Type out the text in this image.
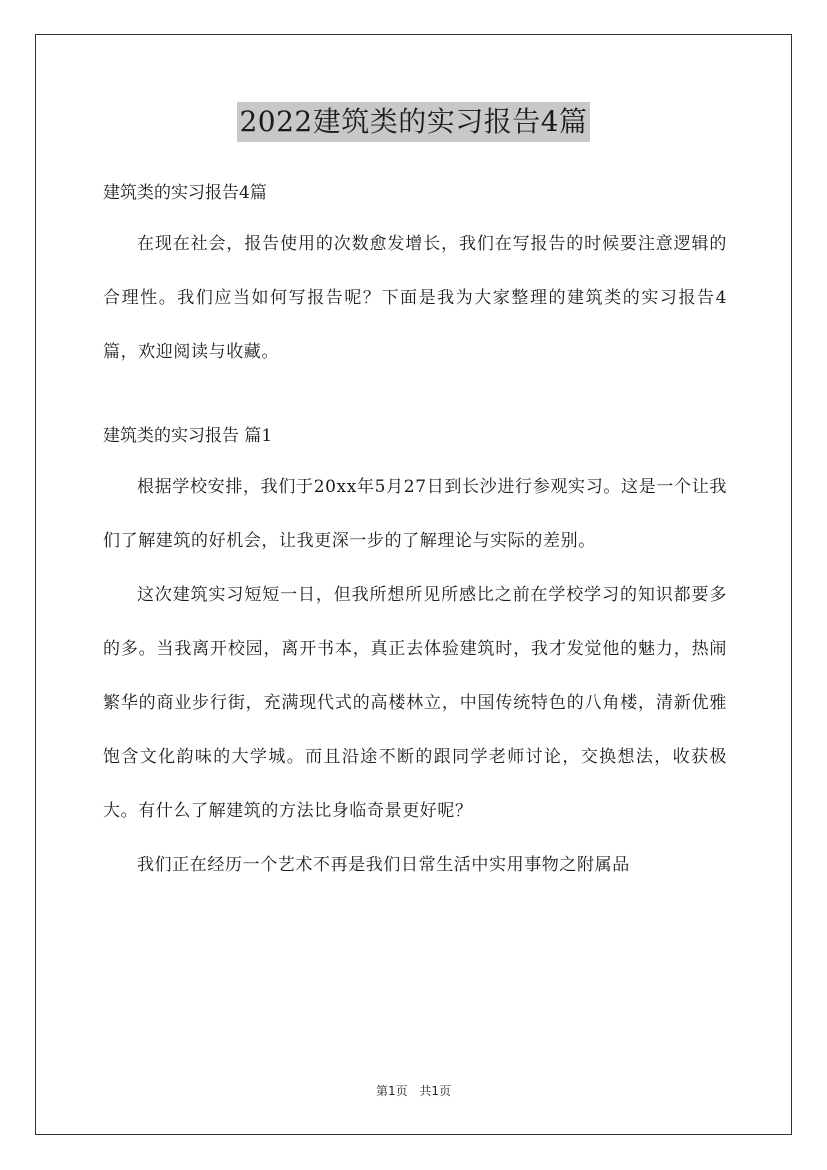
2022建筑类的实习报告4篇

建筑类的实习报告4篇

在现在社会，报告使用的次数愈发增长，我们在写报告的时候要注意逻辑的合理性。我们应当如何写报告呢？下面是我为大家整理的建筑类的实习报告4篇，欢迎阅读与收藏。

建筑类的实习报告 篇1

根据学校安排，我们于20xx年5月27日到长沙进行参观实习。这是一个让我们了解建筑的好机会，让我更深一步的了解理论与实际的差别。

这次建筑实习短短一日，但我所想所见所感比之前在学校学习的知识都要多的多。当我离开校园，离开书本，真正去体验建筑时，我才发觉他的魅力，热闹繁华的商业步行街，充满现代式的高楼林立，中国传统特色的八角楼，清新优雅饱含文化韵味的大学城。而且沿途不断的跟同学老师讨论，交换想法，收获极大。有什么了解建筑的方法比身临奇景更好呢？

我们正在经历一个艺术不再是我们日常生活中实用事物之附属品

第1页 共1页
